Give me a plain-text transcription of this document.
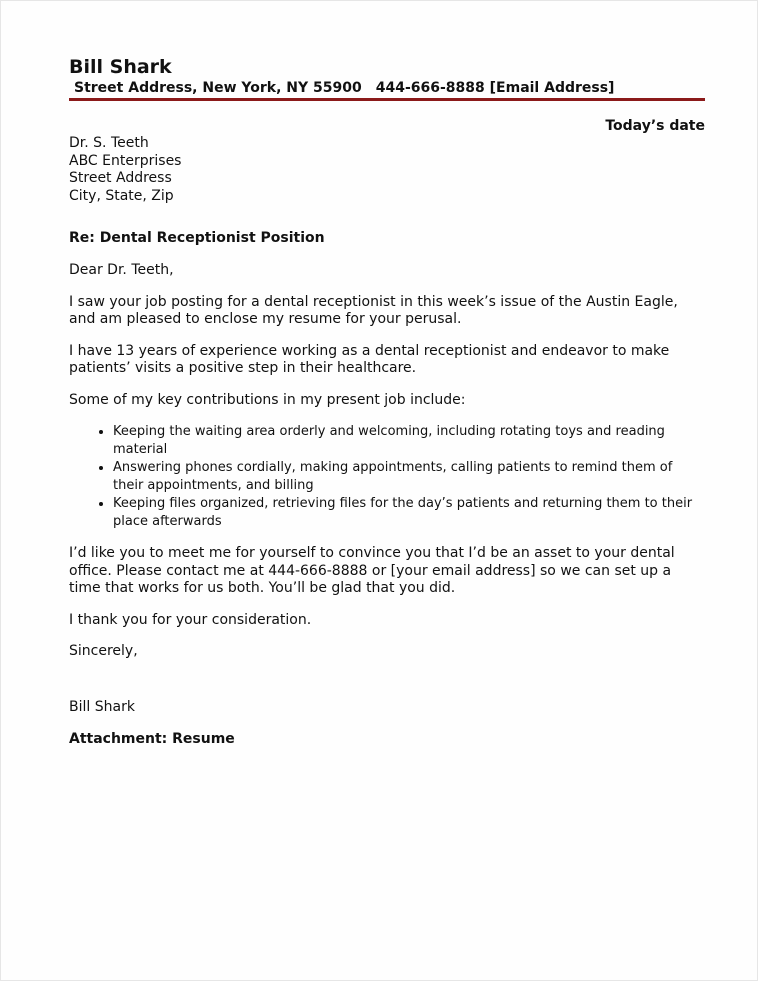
Bill Shark
Street Address, New York, NY 55900 444-666-8888 [Email Address]
Today’s date
Dr. S. Teeth
ABC Enterprises
Street Address
City, State, Zip
Re: Dental Receptionist Position

Dear Dr. Teeth,

I saw your job posting for a dental receptionist in this week’s issue of the Austin Eagle, and am pleased to enclose my resume for your perusal.

I have 13 years of experience working as a dental receptionist and endeavor to make patients’ visits a positive step in their healthcare.

Some of my key contributions in my present job include:

• Keeping the waiting area orderly and welcoming, including rotating toys and reading material
• Answering phones cordially, making appointments, calling patients to remind them of their appointments, and billing
• Keeping files organized, retrieving files for the day’s patients and returning them to their place afterwards

I’d like you to meet me for yourself to convince you that I’d be an asset to your dental office. Please contact me at 444-666-8888 or [your email address] so we can set up a time that works for us both. You’ll be glad that you did.

I thank you for your consideration.

Sincerely,

Bill Shark

Attachment: Resume
